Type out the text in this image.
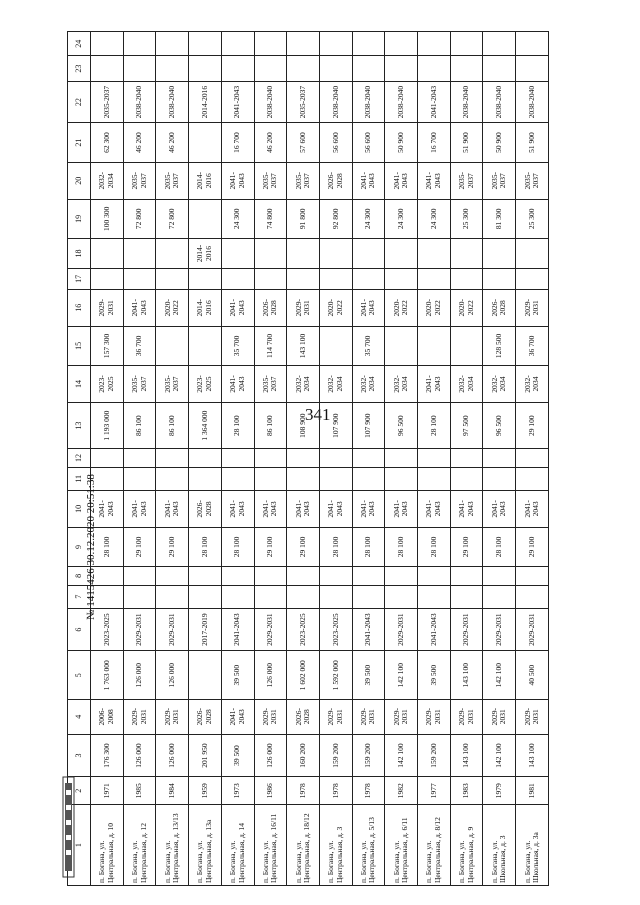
341
1	2	3	4	5	6	7	8	9	10	11	12	13	14	15	16	17	18	19	20	21	22	23	24
п. Богана, ул. Центральная, д. 10	1971	176 300	2006-2008	1 763 000	2023-2025			28 100	2041-2043			1 193 000	2023-2025	157 300	2029-2031			100 300	2032-2034	62 300	2035-2037		
п. Богана, ул. Центральная, д. 12	1985	126 000	2029-2031	126 000	2029-2031			29 100	2041-2043			86 100	2035-2037	36 700	2041-2043			72 800	2035-2037	46 200	2038-2040		
п. Богана, ул. Центральная, д. 13/13	1984	126 000	2029-2031	126 000	2029-2031			29 100	2041-2043			86 100	2035-2037		2020-2022			72 800	2035-2037	46 200	2038-2040		
п. Богана, ул. Центральная, д. 13а	1959	201 950	2026-2028		2017-2019			28 100	2026-2028			1 364 000	2023-2025		2014-2016		2014-2016		2014-2016		2014-2016		
п. Богана, ул. Центральная, д. 14	1973	39 500	2041-2043	39 500	2041-2043			28 100	2041-2043			28 100	2041-2043	35 700	2041-2043			24 300	2041-2043	16 700	2041-2043		
п. Богана, ул. Центральная, д. 16/11	1986	126 000	2029-2031	126 000	2029-2031			29 100	2041-2043			86 100	2035-2037	114 700	2026-2028			74 800	2035-2037	46 200	2038-2040		
п. Богана, ул. Центральная, д. 18/12	1978	160 200	2026-2028	1 602 000	2023-2025			29 100	2041-2043			108 900	2032-2034	143 100	2029-2031			91 800	2035-2037	57 600	2035-2037		
п. Богана, ул. Центральная, д. 3	1978	159 200	2029-2031	1 592 000	2023-2025			28 100	2041-2043			107 900	2032-2034		2020-2022			92 800	2026-2028	56 600	2038-2040		
п. Богана, ул. Центральная, д. 5/13	1978	159 200	2029-2031	39 500	2041-2043			28 100	2041-2043			107 900	2032-2034	35 700	2041-2043			24 300	2041-2043	56 600	2038-2040		
п. Богана, ул. Центральная, д. 6/11	1982	142 100	2029-2031	142 100	2029-2031			28 100	2041-2043			96 500	2032-2034		2020-2022			24 300	2041-2043	50 900	2038-2040		
п. Богана, ул. Центральная, д. 8/12	1977	159 200	2029-2031	39 500	2041-2043			28 100	2041-2043			28 100	2041-2043		2020-2022			24 300	2041-2043	16 700	2041-2043		
п. Богана, ул. Центральная, д. 9	1983	143 100	2029-2031	143 100	2029-2031			29 100	2041-2043			97 500	2032-2034		2020-2022			25 300	2035-2037	51 900	2038-2040		
п. Богана, ул. Школьная, д. 3	1979	142 100	2029-2031	142 100	2029-2031			28 100	2041-2043			96 500	2032-2034	128 500	2026-2028			81 300	2035-2037	50 900	2038-2040		
п. Богана, ул. Школьная, д. 3а	1981	143 100	2029-2031	40 500	2029-2031			29 100	2041-2043			29 100	2032-2034	36 700	2029-2031			25 300	2035-2037	51 900	2038-2040		
№ 1415426 30.12.2020 20:51:38
